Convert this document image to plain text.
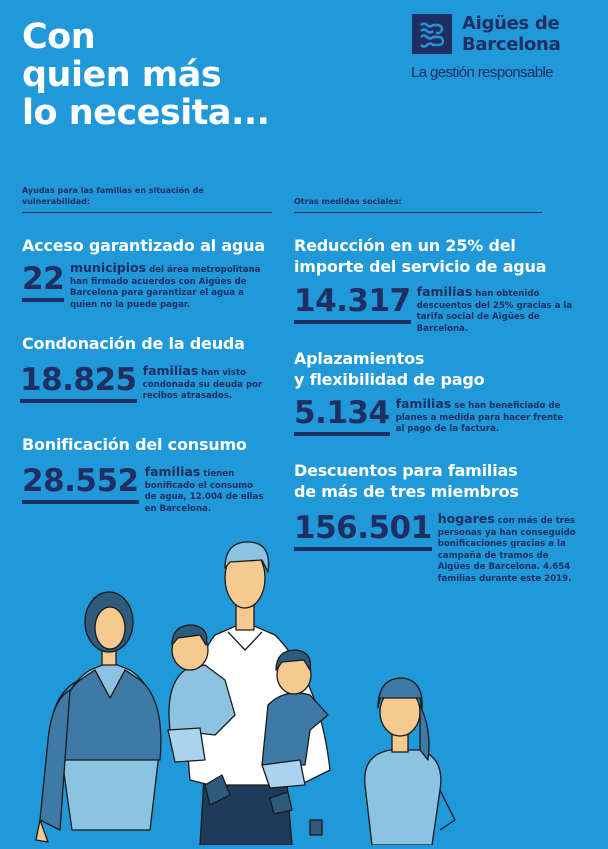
Con
quien más
lo necesita...
Aigües de
Barcelona
La gestión responsable
Ayudas para las familias en situación de vulnerabilidad:	Otras medidas sociales:
Acceso garantizado al agua
22 municipios del área metropolitana han firmado acuerdos con Aigües de Barcelona para garantizar el agua a quien no la puede pagar.
Condonación de la deuda
18.825 familias han visto condonada su deuda por recibos atrasados.
Bonificación del consumo
28.552 familias tienen bonificado el consumo de agua, 12.004 de ellas en Barcelona.
Reducción en un 25% del
importe del servicio de agua
14.317 familias han obtenido descuentos del 25% gracias a la tarifa social de Aigües de Barcelona.
Aplazamientos
y flexibilidad de pago
5.134 familias se han beneficiado de planes a medida para hacer frente al pago de la factura.
Descuentos para familias
de más de tres miembros
156.501 hogares con más de tres personas ya han conseguido bonificaciones gracias a la campaña de tramos de Aigües de Barcelona. 4.654 familias durante este 2019.
